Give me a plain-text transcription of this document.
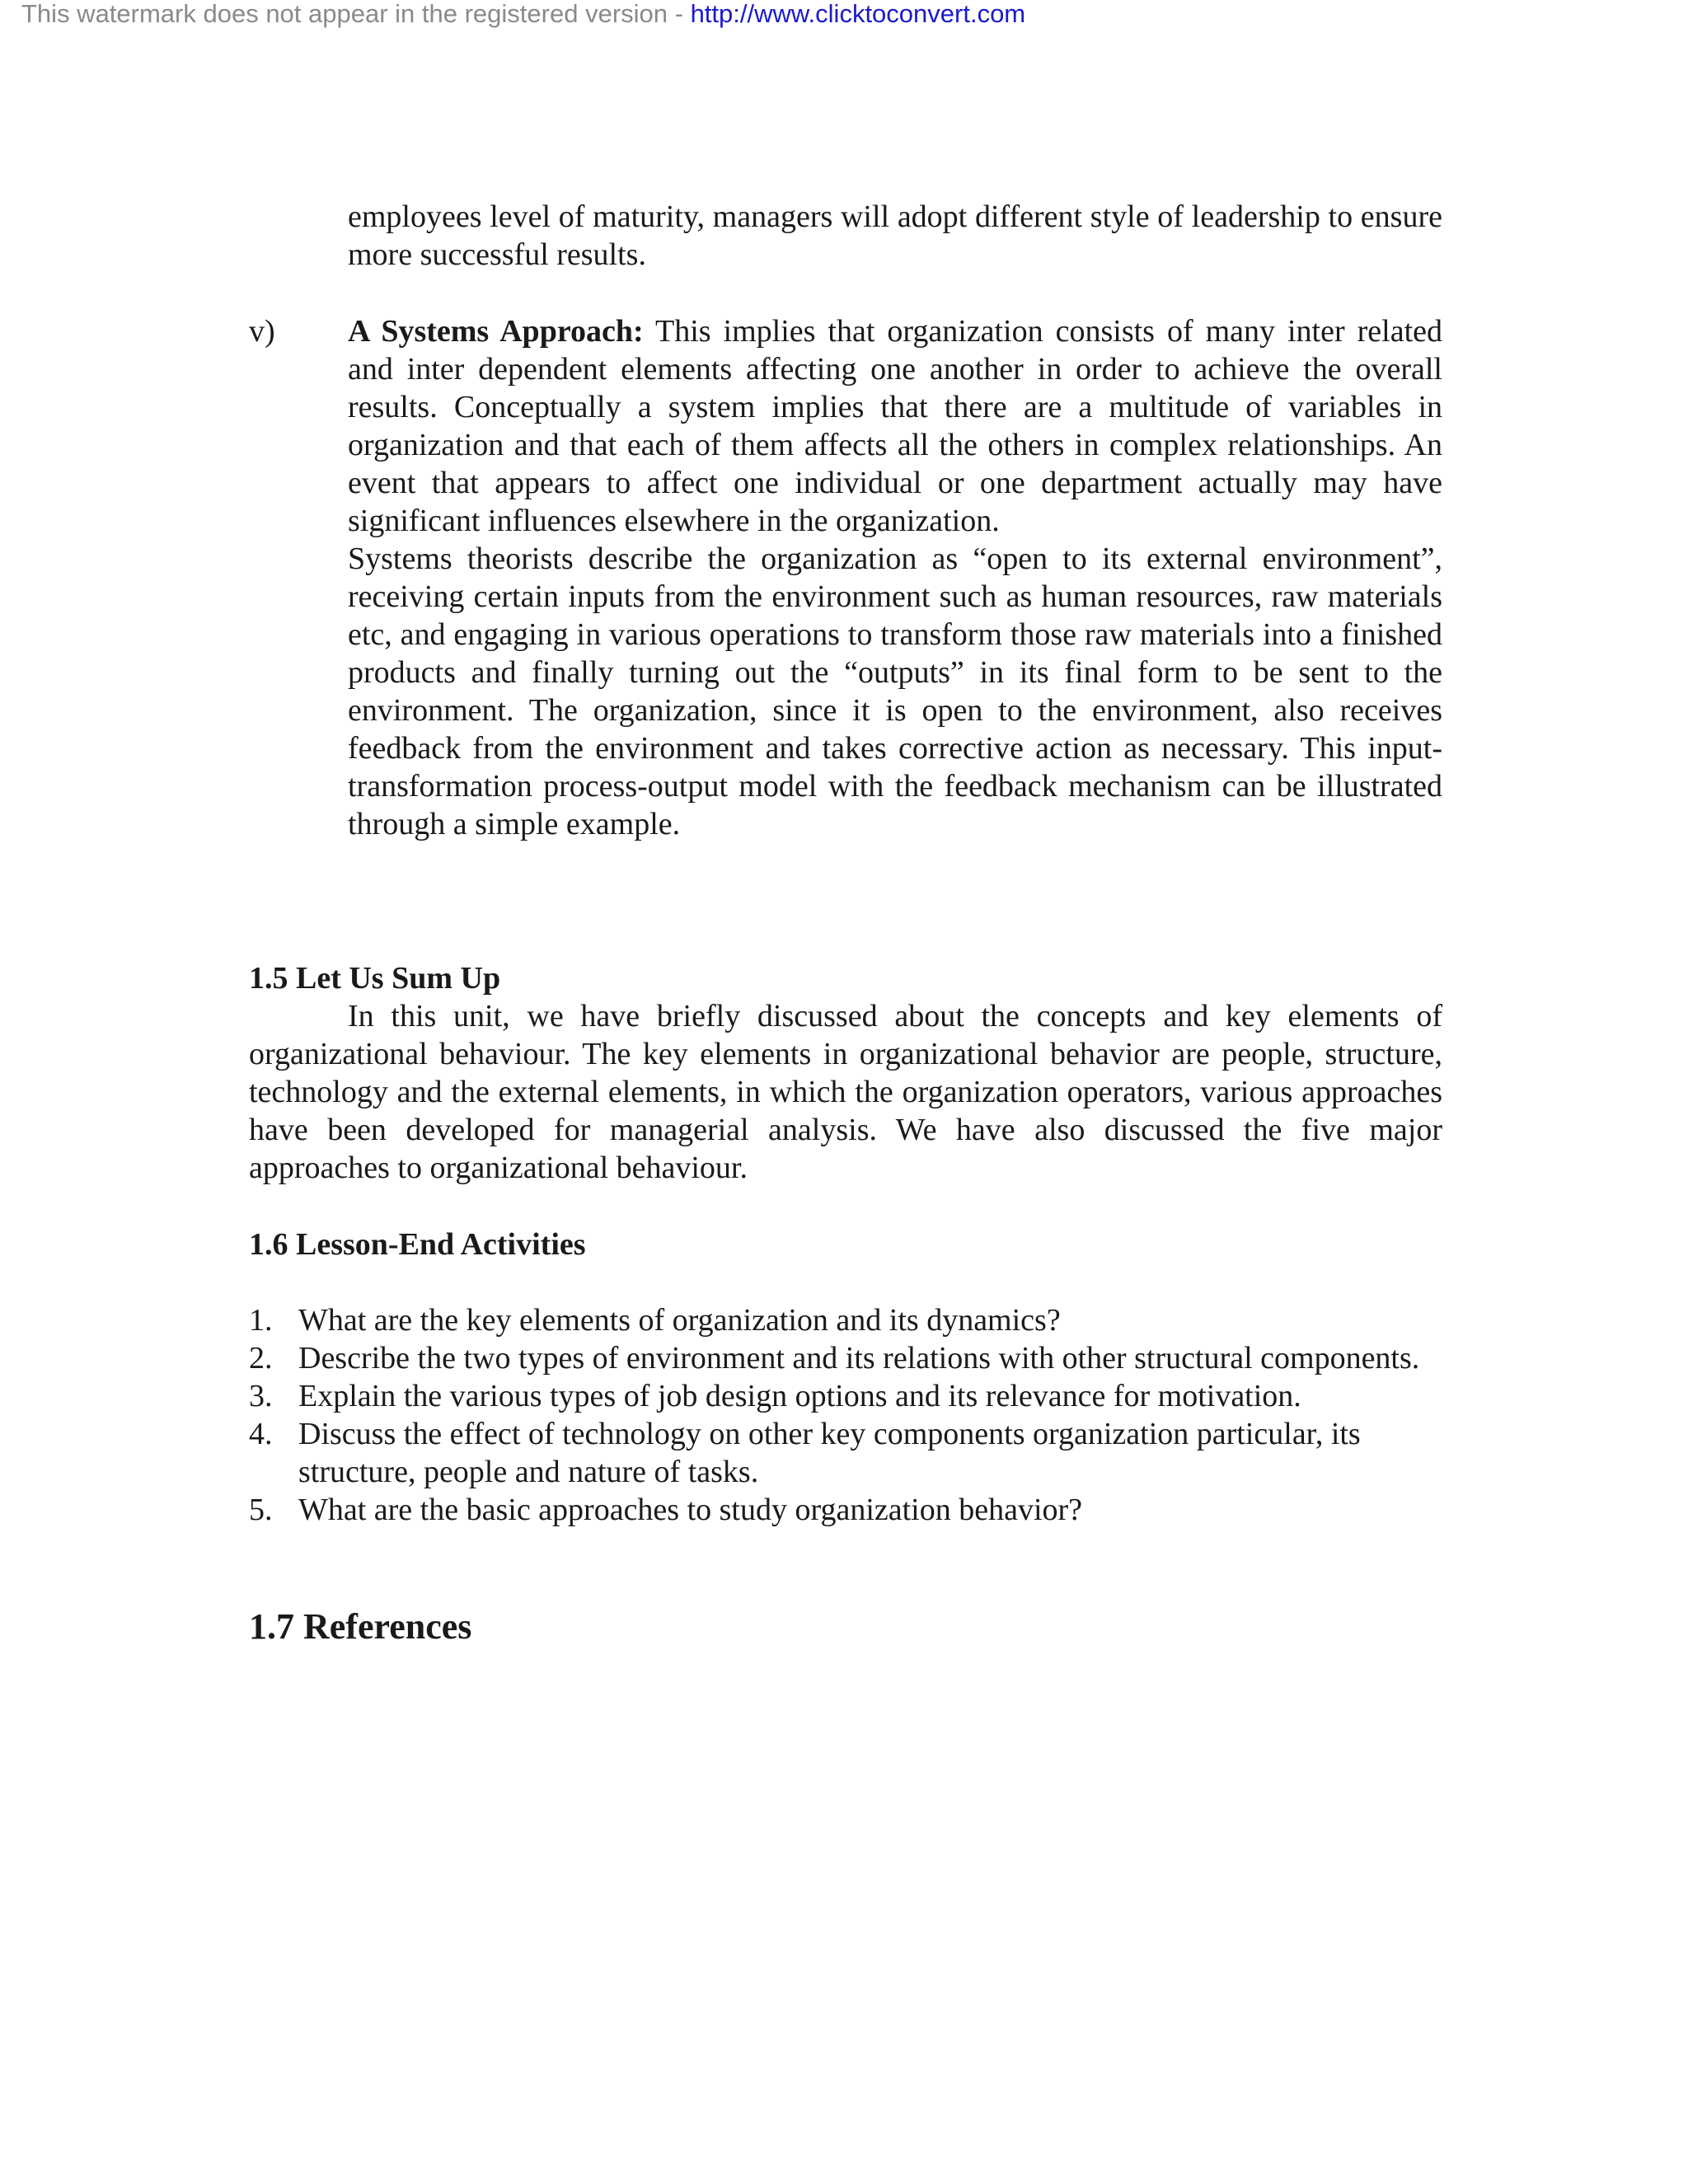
This watermark does not appear in the registered version - http://www.clicktoconvert.com

employees level of maturity, managers will adopt different style of leadership to ensure more successful results.

v) A Systems Approach: This implies that organization consists of many inter related and inter dependent elements affecting one another in order to achieve the overall results. Conceptually a system implies that there are a multitude of variables in organization and that each of them affects all the others in complex relationships. An event that appears to affect one individual or one department actually may have significant influences elsewhere in the organization.
Systems theorists describe the organization as “open to its external environment”, receiving certain inputs from the environment such as human resources, raw materials etc, and engaging in various operations to transform those raw materials into a finished products and finally turning out the “outputs” in its final form to be sent to the environment. The organization, since it is open to the environment, also receives feedback from the environment and takes corrective action as necessary. This input-transformation process-output model with the feedback mechanism can be illustrated through a simple example.
1.5 Let Us Sum Up

In this unit, we have briefly discussed about the concepts and key elements of organizational behaviour. The key elements in organizational behavior are people, structure, technology and the external elements, in which the organization operators, various approaches have been developed for managerial analysis. We have also discussed the five major approaches to organizational behaviour.

1.6 Lesson-End Activities
1. What are the key elements of organization and its dynamics?
2. Describe the two types of environment and its relations with other structural components.
3. Explain the various types of job design options and its relevance for motivation.
4. Discuss the effect of technology on other key components organization particular, its structure, people and nature of tasks.
5. What are the basic approaches to study organization behavior?
1.7 References
